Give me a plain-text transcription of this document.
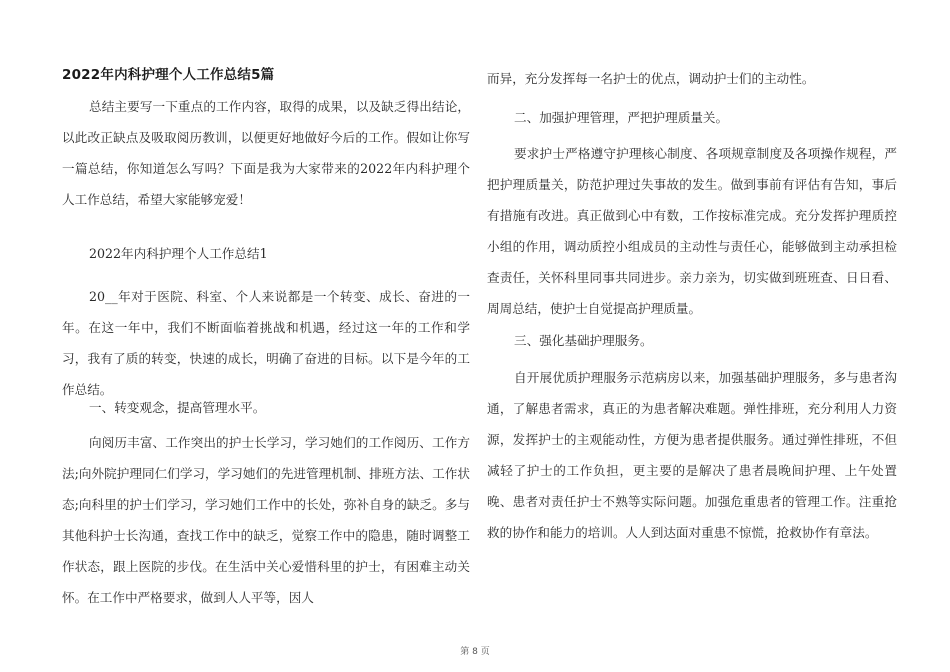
2022年内科护理个人工作总结5篇

总结主要写一下重点的工作内容，取得的成果，以及缺乏得出结论，以此改正缺点及吸取阅历教训，以便更好地做好今后的工作。假如让你写一篇总结，你知道怎么写吗？下面是我为大家带来的2022年内科护理个人工作总结，希望大家能够宠爱！

2022年内科护理个人工作总结1

20__年对于医院、科室、个人来说都是一个转变、成长、奋进的一年。在这一年中，我们不断面临着挑战和机遇，经过这一年的工作和学习，我有了质的转变，快速的成长，明确了奋进的目标。以下是今年的工作总结。

一、转变观念，提高管理水平。

向阅历丰富、工作突出的护士长学习，学习她们的工作阅历、工作方法;向外院护理同仁们学习，学习她们的先进管理机制、排班方法、工作状态;向科里的护士们学习，学习她们工作中的长处，弥补自身的缺乏。多与其他科护士长沟通，查找工作中的缺乏，觉察工作中的隐患，随时调整工作状态，跟上医院的步伐。在生活中关心爱惜科里的护士，有困难主动关怀。在工作中严格要求，做到人人平等，因人

而异，充分发挥每一名护士的优点，调动护士们的主动性。

二、加强护理管理，严把护理质量关。

要求护士严格遵守护理核心制度、各项规章制度及各项操作规程，严把护理质量关，防范护理过失事故的发生。做到事前有评估有告知，事后有措施有改进。真正做到心中有数，工作按标准完成。充分发挥护理质控小组的作用，调动质控小组成员的主动性与责任心，能够做到主动承担检查责任，关怀科里同事共同进步。亲力亲为，切实做到班班查、日日看、周周总结，使护士自觉提高护理质量。

三、强化基础护理服务。

自开展优质护理服务示范病房以来，加强基础护理服务，多与患者沟通，了解患者需求，真正的为患者解决难题。弹性排班，充分利用人力资源，发挥护士的主观能动性，方便为患者提供服务。通过弹性排班，不但减轻了护士的工作负担，更主要的是解决了患者晨晚间护理、上午处置晚、患者对责任护士不熟等实际问题。加强危重患者的管理工作。注重抢救的协作和能力的培训。人人到达面对重患不惊慌，抢救协作有章法。

第 8 页
